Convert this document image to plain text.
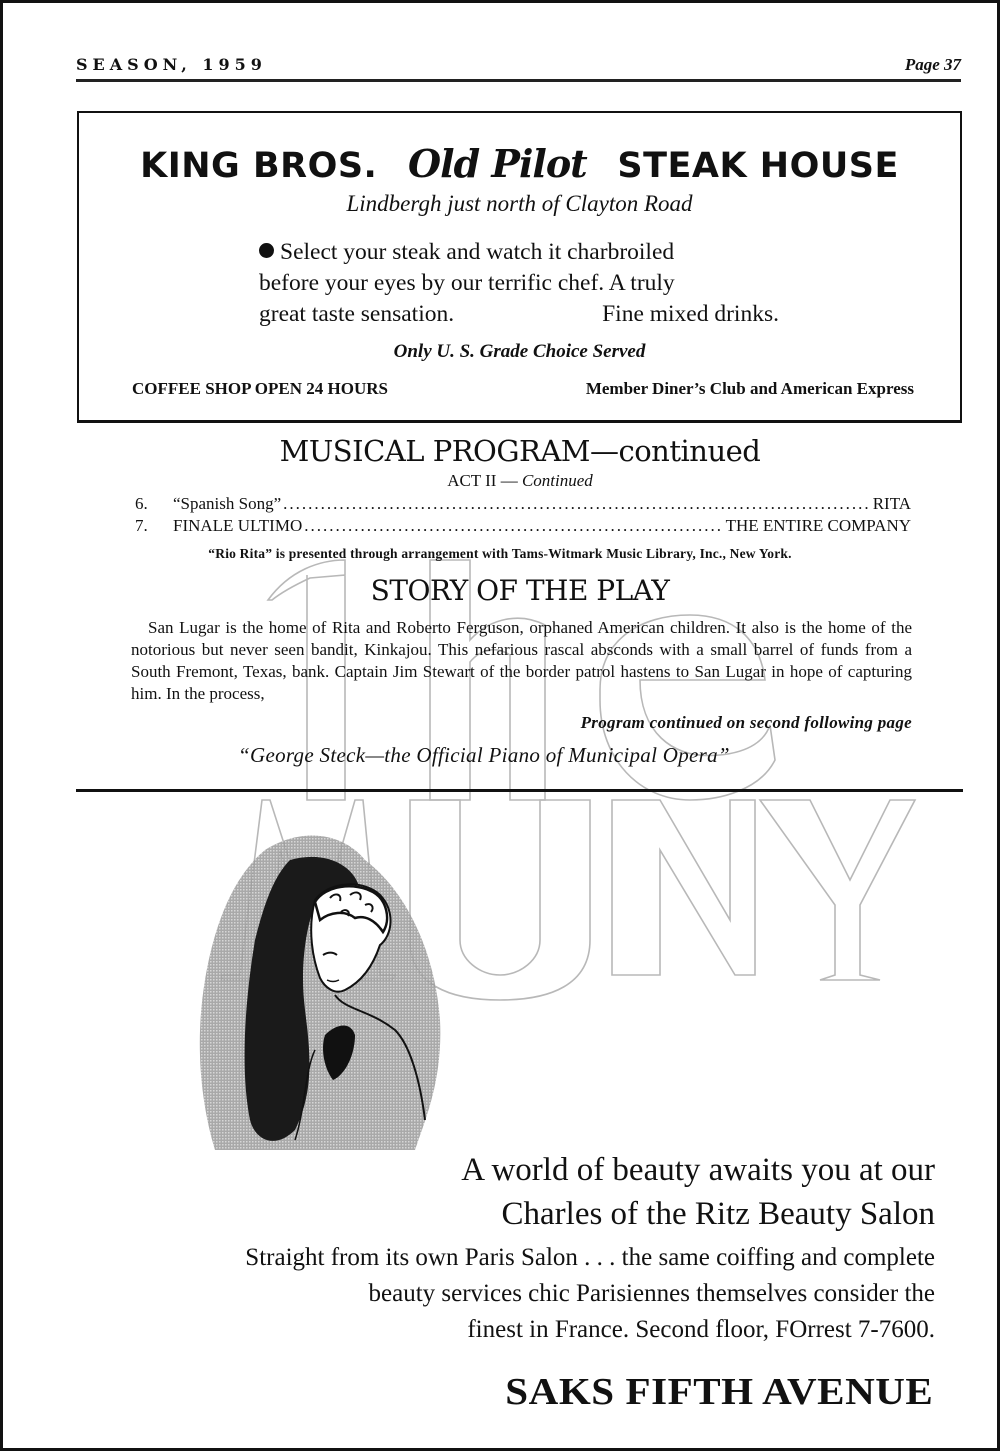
SEASON, 1959	Page 37
KING BROS. Old Pilot STEAK HOUSE
Lindbergh just north of Clayton Road
Select your steak and watch it charbroiled
before your eyes by our terrific chef. A truly
great taste sensation.	Fine mixed drinks.
Only U. S. Grade Choice Served
COFFEE SHOP OPEN 24 HOURS	Member Diner’s Club and American Express
MUSICAL PROGRAM—continued
ACT II — Continued
6.	“Spanish Song” .....	RITA
7.	FINALE ULTIMO .....	THE ENTIRE COMPANY
“Rio Rita” is presented through arrangement with Tams-Witmark Music Library, Inc., New York.
STORY OF THE PLAY
San Lugar is the home of Rita and Roberto Ferguson, orphaned American children. It also is the home of the notorious but never seen bandit, Kinkajou. This nefarious rascal absconds with a small barrel of funds from a South Fremont, Texas, bank. Captain Jim Stewart of the border patrol hastens to San Lugar in hope of capturing him. In the process,
Program continued on second following page
“George Steck—the Official Piano of Municipal Opera”
A world of beauty awaits you at our
Charles of the Ritz Beauty Salon
Straight from its own Paris Salon . . . the same coiffing and complete
beauty services chic Parisiennes themselves consider the
finest in France. Second floor, FOrrest 7-7600.
SAKS FIFTH AVENUE
